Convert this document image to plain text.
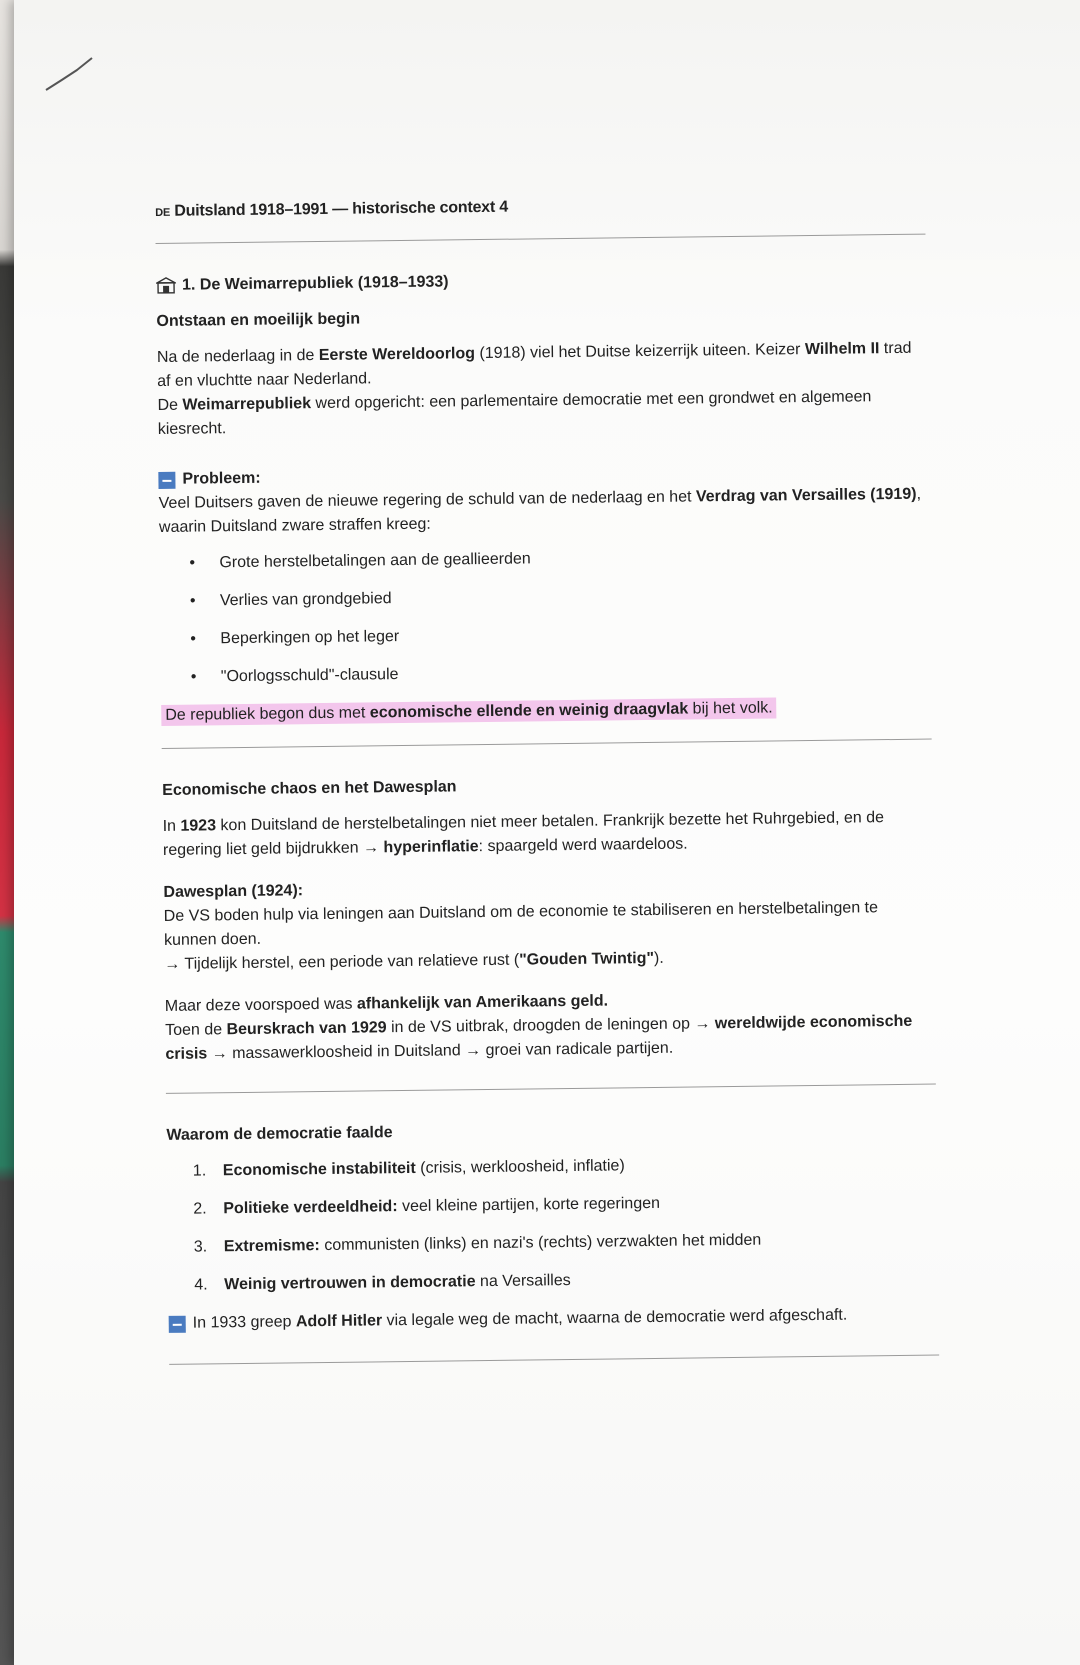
DE Duitsland 1918–1991 — historische context 4
1. De Weimarrepubliek (1918–1933)
Ontstaan en moeilijk begin

Na de nederlaag in de Eerste Wereldoorlog (1918) viel het Duitse keizerrijk uiteen. Keizer Wilhelm II trad af en vluchtte naar Nederland.
De Weimarrepubliek werd opgericht: een parlementaire democratie met een grondwet en algemeen kiesrecht.

Probleem:

Veel Duitsers gaven de nieuwe regering de schuld van de nederlaag en het Verdrag van Versailles (1919), waarin Duitsland zware straffen kreeg:

• Grote herstelbetalingen aan de geallieerden
• Verlies van grondgebied
• Beperkingen op het leger
• "Oorlogsschuld"-clausule

De republiek begon dus met economische ellende en weinig draagvlak bij het volk.

Economische chaos en het Dawesplan

In 1923 kon Duitsland de herstelbetalingen niet meer betalen. Frankrijk bezette het Ruhrgebied, en de regering liet geld bijdrukken → hyperinflatie: spaargeld werd waardeloos.

Dawesplan (1924):
De VS boden hulp via leningen aan Duitsland om de economie te stabiliseren en herstelbetalingen te kunnen doen.
→ Tijdelijk herstel, een periode van relatieve rust ("Gouden Twintig").

Maar deze voorspoed was afhankelijk van Amerikaans geld.
Toen de Beurskrach van 1929 in de VS uitbrak, droogden de leningen op → wereldwijde economische crisis → massawerkloosheid in Duitsland → groei van radicale partijen.

Waarom de democratie faalde
1. Economische instabiliteit (crisis, werkloosheid, inflatie)
2. Politieke verdeeldheid: veel kleine partijen, korte regeringen
3. Extremisme: communisten (links) en nazi's (rechts) verzwakten het midden
4. Weinig vertrouwen in democratie na Versailles
In 1933 greep Adolf Hitler via legale weg de macht, waarna de democratie werd afgeschaft.
